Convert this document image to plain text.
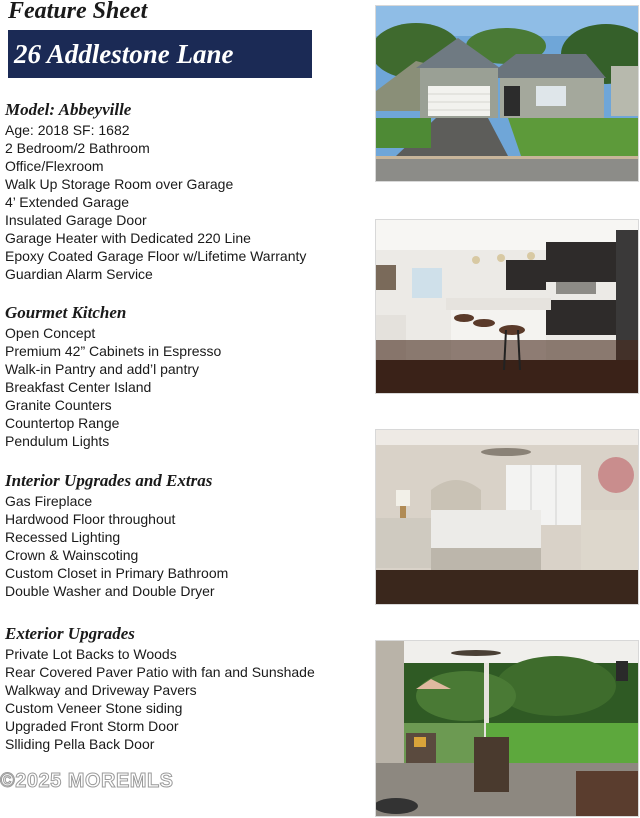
Feature Sheet
26 Addlestone Lane
Model: Abbeyville
Age: 2018 SF: 1682
2 Bedroom/2 Bathroom
Office/Flexroom
Walk Up Storage Room over Garage
4’ Extended Garage
Insulated Garage Door
Garage Heater with Dedicated 220 Line
Epoxy Coated Garage Floor w/Lifetime Warranty
Guardian Alarm Service
Gourmet Kitchen
Open Concept
Premium 42” Cabinets in Espresso
Walk-in Pantry and add’l pantry
Breakfast Center Island
Granite Counters
Countertop Range
Pendulum Lights
Interior Upgrades and Extras
Gas Fireplace
Hardwood Floor throughout
Recessed Lighting
Crown & Wainscoting
Custom Closet in Primary Bathroom
Double Washer and Double Dryer
Exterior Upgrades
Private Lot Backs to Woods
Rear Covered Paver Patio with fan and Sunshade
Walkway and Driveway Pavers
Custom Veneer Stone siding
Upgraded Front Storm Door
Slliding Pella Back Door
©2025 MOREMLS
